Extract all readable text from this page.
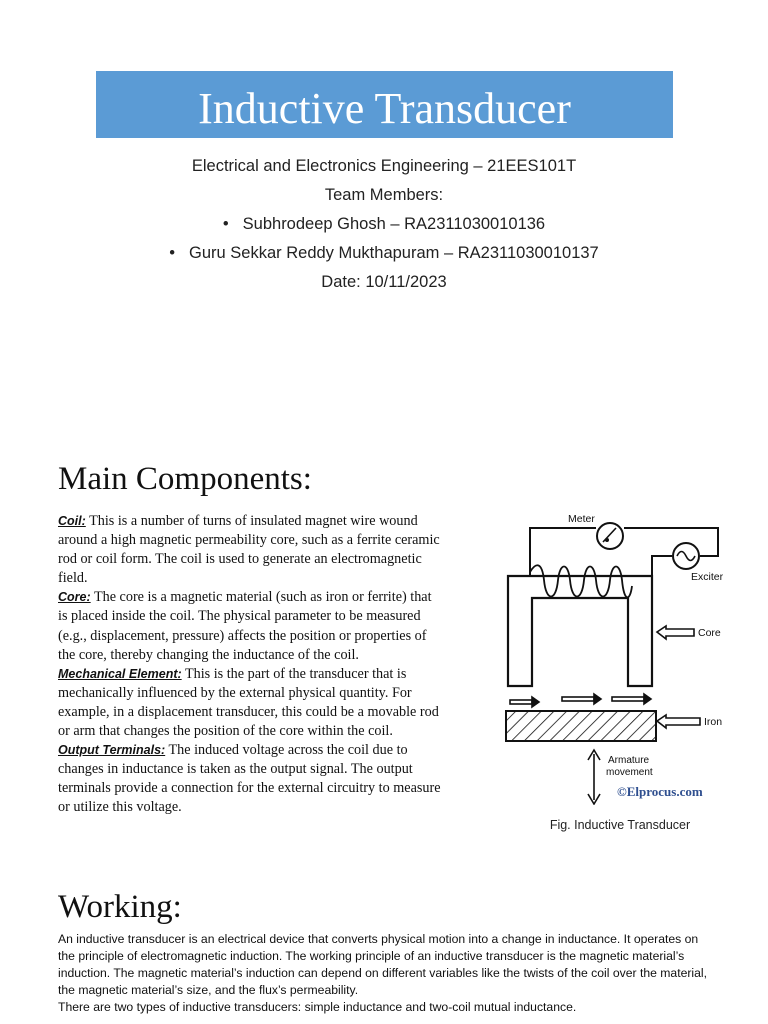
Inductive Transducer
Electrical and Electronics Engineering – 21EES101T
Team Members:
• Subhrodeep Ghosh – RA2311030010136
• Guru Sekkar Reddy Mukthapuram – RA2311030010137
Date: 10/11/2023
Main Components:

Coil: This is a number of turns of insulated magnet wire wound around a high magnetic permeability core, such as a ferrite ceramic rod or coil form. The coil is used to generate an electromagnetic field.

Core: The core is a magnetic material (such as iron or ferrite) that is placed inside the coil. The physical parameter to be measured (e.g., displacement, pressure) affects the position or properties of the core, thereby changing the inductance of the coil.

Mechanical Element: This is the part of the transducer that is mechanically influenced by the external physical quantity. For example, in a displacement transducer, this could be a movable rod or arm that changes the position of the core within the coil.

Output Terminals: The induced voltage across the coil due to changes in inductance is taken as the output signal. The output terminals provide a connection for the external circuitry to measure or utilize this voltage.

Meter
Exciter
Core
Iron
Armature
movement
©Elprocus.com
Fig. Inductive Transducer
Working:

An inductive transducer is an electrical device that converts physical motion into a change in inductance. It operates on the principle of electromagnetic induction. The working principle of an inductive transducer is the magnetic material’s induction. The magnetic material’s induction can depend on different variables like the twists of the coil over the material, the magnetic material’s size, and the flux’s permeability.

There are two types of inductive transducers: simple inductance and two-coil mutual inductance.
